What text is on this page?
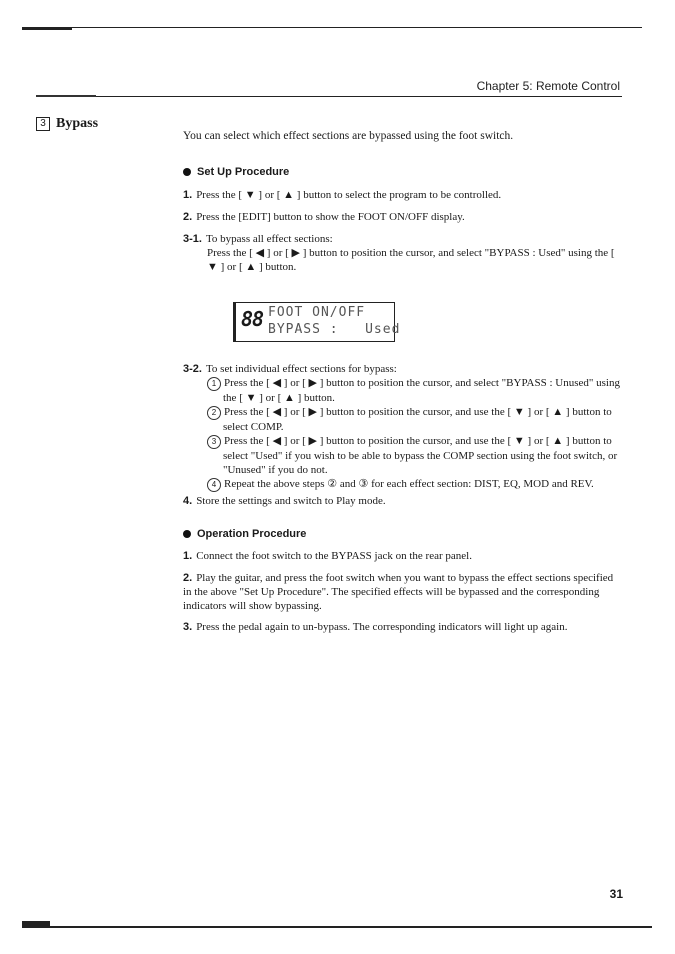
Chapter 5: Remote Control
3 Bypass
You can select which effect sections are bypassed using the foot switch.
Set Up Procedure
1. Press the [ ▼ ] or [ ▲ ] button to select the program to be controlled.
2. Press the [EDIT] button to show the FOOT ON/OFF display.
3-1. To bypass all effect sections:
Press the [ ◀ ] or [ ▶ ] button to position the cursor, and select "BYPASS : Used" using the [ ▼ ] or [ ▲ ] button.
88 FOOT ON/OFF
BYPASS :   Used
3-2. To set individual effect sections for bypass:
1 Press the [ ◀ ] or [ ▶ ] button to position the cursor, and select "BYPASS : Unused" using the [ ▼ ] or [ ▲ ] button.
2 Press the [ ◀ ] or [ ▶ ] button to position the cursor, and use the [ ▼ ] or [ ▲ ] button to select COMP.
3 Press the [ ◀ ] or [ ▶ ] button to position the cursor, and use the [ ▼ ] or [ ▲ ] button to select "Used" if you wish to be able to bypass the COMP section using the foot switch, or "Unused" if you do not.
4 Repeat the above steps ② and ③ for each effect section: DIST, EQ, MOD and REV.
4. Store the settings and switch to Play mode.
Operation Procedure
1. Connect the foot switch to the BYPASS jack on the rear panel.
2. Play the guitar, and press the foot switch when you want to bypass the effect sections specified in the above "Set Up Procedure". The specified effects will be bypassed and the corresponding indicators will show bypassing.
3. Press the pedal again to un-bypass. The corresponding indicators will light up again.
31
